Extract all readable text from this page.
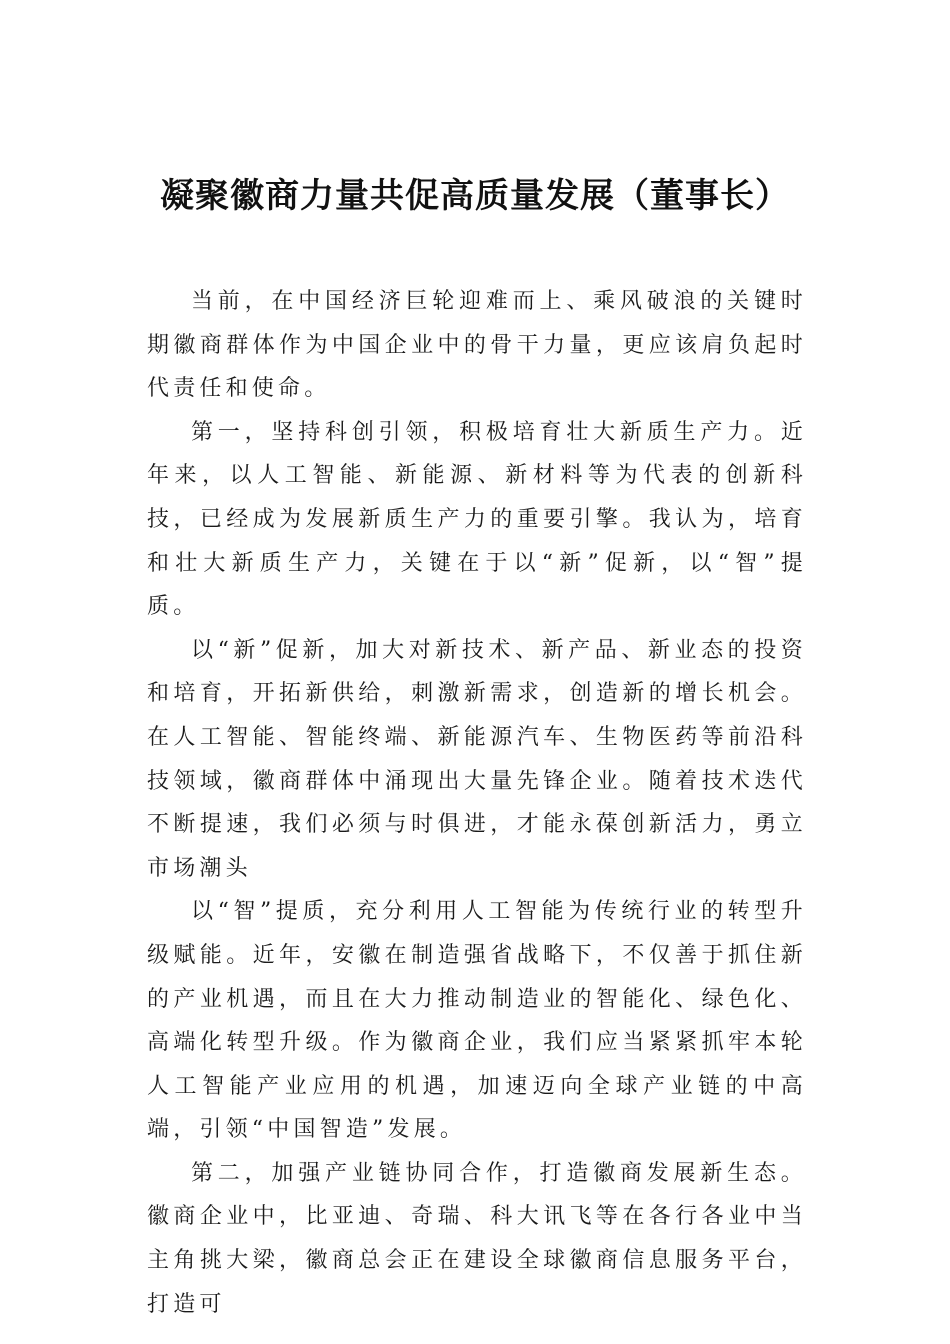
凝聚徽商力量共促高质量发展（董事长）

当前，在中国经济巨轮迎难而上、乘风破浪的关键时期徽商群体作为中国企业中的骨干力量，更应该肩负起时代责任和使命。

第一，坚持科创引领，积极培育壮大新质生产力。近年来，以人工智能、新能源、新材料等为代表的创新科技，已经成为发展新质生产力的重要引擎。我认为，培育和壮大新质生产力，关键在于以“新”促新，以“智”提质。

以“新”促新，加大对新技术、新产品、新业态的投资和培育，开拓新供给，刺激新需求，创造新的增长机会。在人工智能、智能终端、新能源汽车、生物医药等前沿科技领域，徽商群体中涌现出大量先锋企业。随着技术迭代不断提速，我们必须与时俱进，才能永葆创新活力，勇立市场潮头

以“智”提质，充分利用人工智能为传统行业的转型升级赋能。近年，安徽在制造强省战略下，不仅善于抓住新的产业机遇，而且在大力推动制造业的智能化、绿色化、高端化转型升级。作为徽商企业，我们应当紧紧抓牢本轮人工智能产业应用的机遇，加速迈向全球产业链的中高端，引领“中国智造”发展。

第二，加强产业链协同合作，打造徽商发展新生态。徽商企业中，比亚迪、奇瑞、科大讯飞等在各行各业中当主角挑大梁，徽商总会正在建设全球徽商信息服务平台，打造可
